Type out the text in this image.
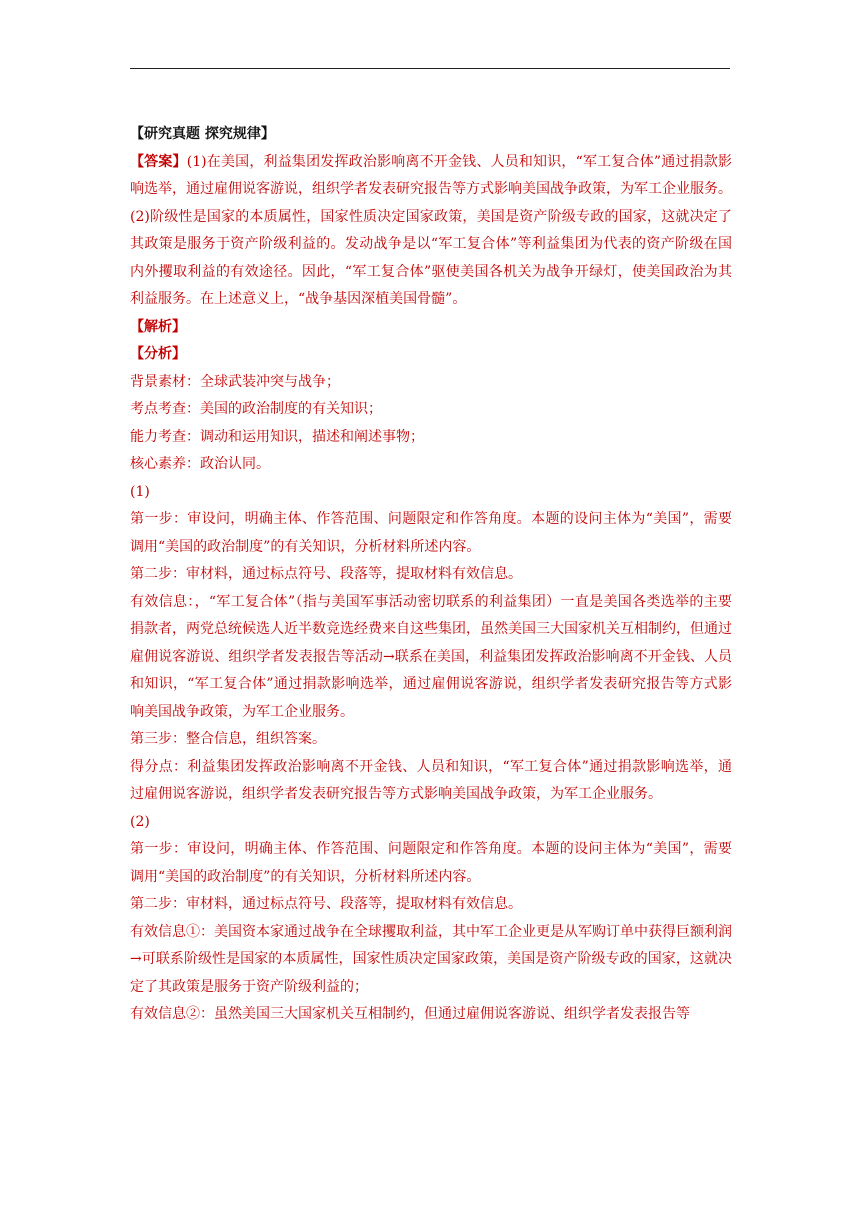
【研究真题 探究规律】

【答案】(1)在美国，利益集团发挥政治影响离不开金钱、人员和知识，“军工复合体”通过捐款影响选举，通过雇佣说客游说，组织学者发表研究报告等方式影响美国战争政策，为军工企业服务。

(2)阶级性是国家的本质属性，国家性质决定国家政策，美国是资产阶级专政的国家，这就决定了其政策是服务于资产阶级利益的。发动战争是以“军工复合体”等利益集团为代表的资产阶级在国内外攫取利益的有效途径。因此，“军工复合体”驱使美国各机关为战争开绿灯，使美国政治为其利益服务。在上述意义上，“战争基因深植美国骨髓”。

【解析】

【分析】

背景素材：全球武装冲突与战争；

考点考查：美国的政治制度的有关知识；

能力考查：调动和运用知识，描述和阐述事物；

核心素养：政治认同。

(1)

第一步：审设问，明确主体、作答范围、问题限定和作答角度。本题的设问主体为“美国”，需要调用“美国的政治制度”的有关知识，分析材料所述内容。

第二步：审材料，通过标点符号、段落等，提取材料有效信息。

有效信息：，“军工复合体”（指与美国军事活动密切联系的利益集团）一直是美国各类选举的主要捐款者，两党总统候选人近半数竞选经费来自这些集团，虽然美国三大国家机关互相制约，但通过雇佣说客游说、组织学者发表报告等活动→联系在美国，利益集团发挥政治影响离不开金钱、人员和知识，“军工复合体”通过捐款影响选举，通过雇佣说客游说，组织学者发表研究报告等方式影响美国战争政策，为军工企业服务。

第三步：整合信息，组织答案。

得分点：利益集团发挥政治影响离不开金钱、人员和知识，“军工复合体”通过捐款影响选举，通过雇佣说客游说，组织学者发表研究报告等方式影响美国战争政策，为军工企业服务。

(2)

第一步：审设问，明确主体、作答范围、问题限定和作答角度。本题的设问主体为“美国”，需要调用“美国的政治制度”的有关知识，分析材料所述内容。

第二步：审材料，通过标点符号、段落等，提取材料有效信息。

有效信息①：美国资本家通过战争在全球攫取利益，其中军工企业更是从军购订单中获得巨额利润→可联系阶级性是国家的本质属性，国家性质决定国家政策，美国是资产阶级专政的国家，这就决定了其政策是服务于资产阶级利益的；

有效信息②：虽然美国三大国家机关互相制约，但通过雇佣说客游说、组织学者发表报告等
